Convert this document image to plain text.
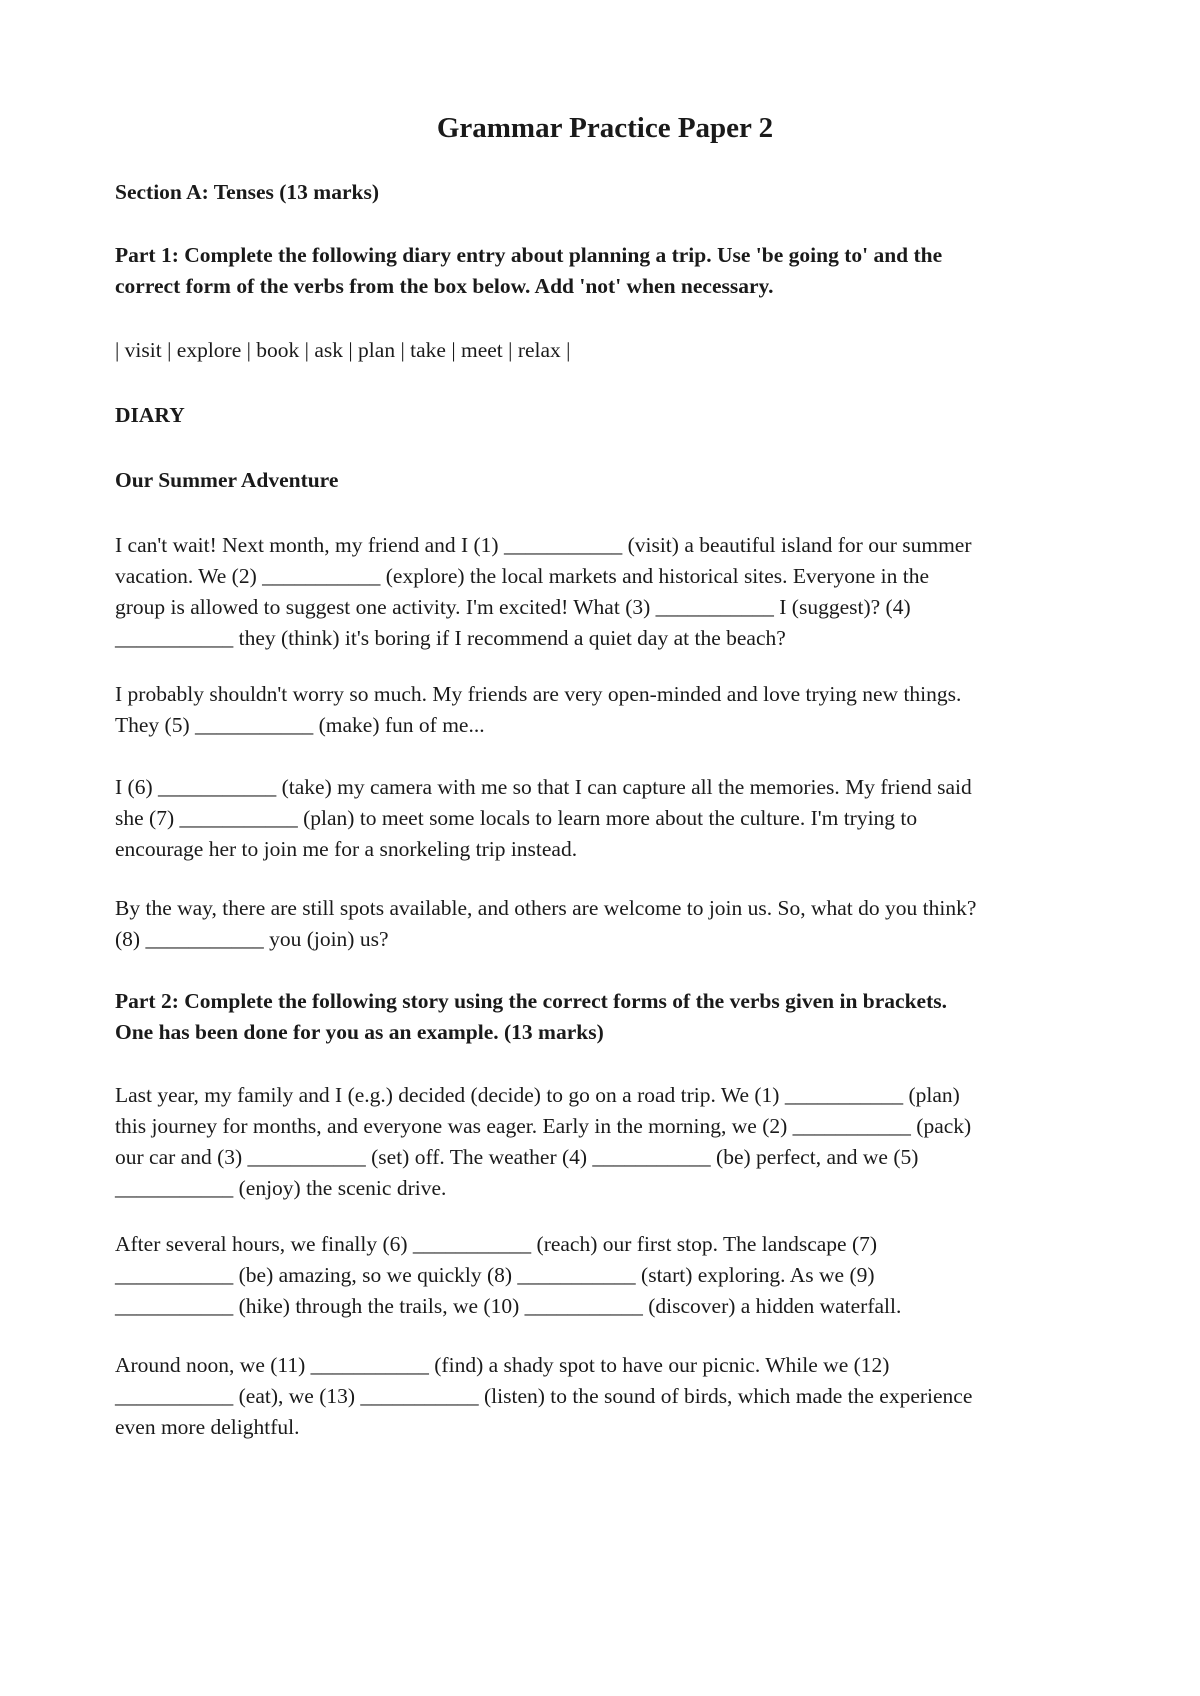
Grammar Practice Paper 2

Section A: Tenses (13 marks)

Part 1: Complete the following diary entry about planning a trip. Use 'be going to' and the
correct form of the verbs from the box below. Add 'not' when necessary.

| visit | explore | book | ask | plan | take | meet | relax |

DIARY

Our Summer Adventure

I can't wait! Next month, my friend and I (1) ___________ (visit) a beautiful island for our summer
vacation. We (2) ___________ (explore) the local markets and historical sites. Everyone in the
group is allowed to suggest one activity. I'm excited! What (3) ___________ I (suggest)? (4)
___________ they (think) it's boring if I recommend a quiet day at the beach?
I probably shouldn't worry so much. My friends are very open-minded and love trying new things.
They (5) ___________ (make) fun of me...
I (6) ___________ (take) my camera with me so that I can capture all the memories. My friend said
she (7) ___________ (plan) to meet some locals to learn more about the culture. I'm trying to
encourage her to join me for a snorkeling trip instead.
By the way, there are still spots available, and others are welcome to join us. So, what do you think?
(8) ___________ you (join) us?
Part 2: Complete the following story using the correct forms of the verbs given in brackets.
One has been done for you as an example. (13 marks)
Last year, my family and I (e.g.) decided (decide) to go on a road trip. We (1) ___________ (plan)
this journey for months, and everyone was eager. Early in the morning, we (2) ___________ (pack)
our car and (3) ___________ (set) off. The weather (4) ___________ (be) perfect, and we (5)
___________ (enjoy) the scenic drive.
After several hours, we finally (6) ___________ (reach) our first stop. The landscape (7)
___________ (be) amazing, so we quickly (8) ___________ (start) exploring. As we (9)
___________ (hike) through the trails, we (10) ___________ (discover) a hidden waterfall.
Around noon, we (11) ___________ (find) a shady spot to have our picnic. While we (12)
___________ (eat), we (13) ___________ (listen) to the sound of birds, which made the experience
even more delightful.
